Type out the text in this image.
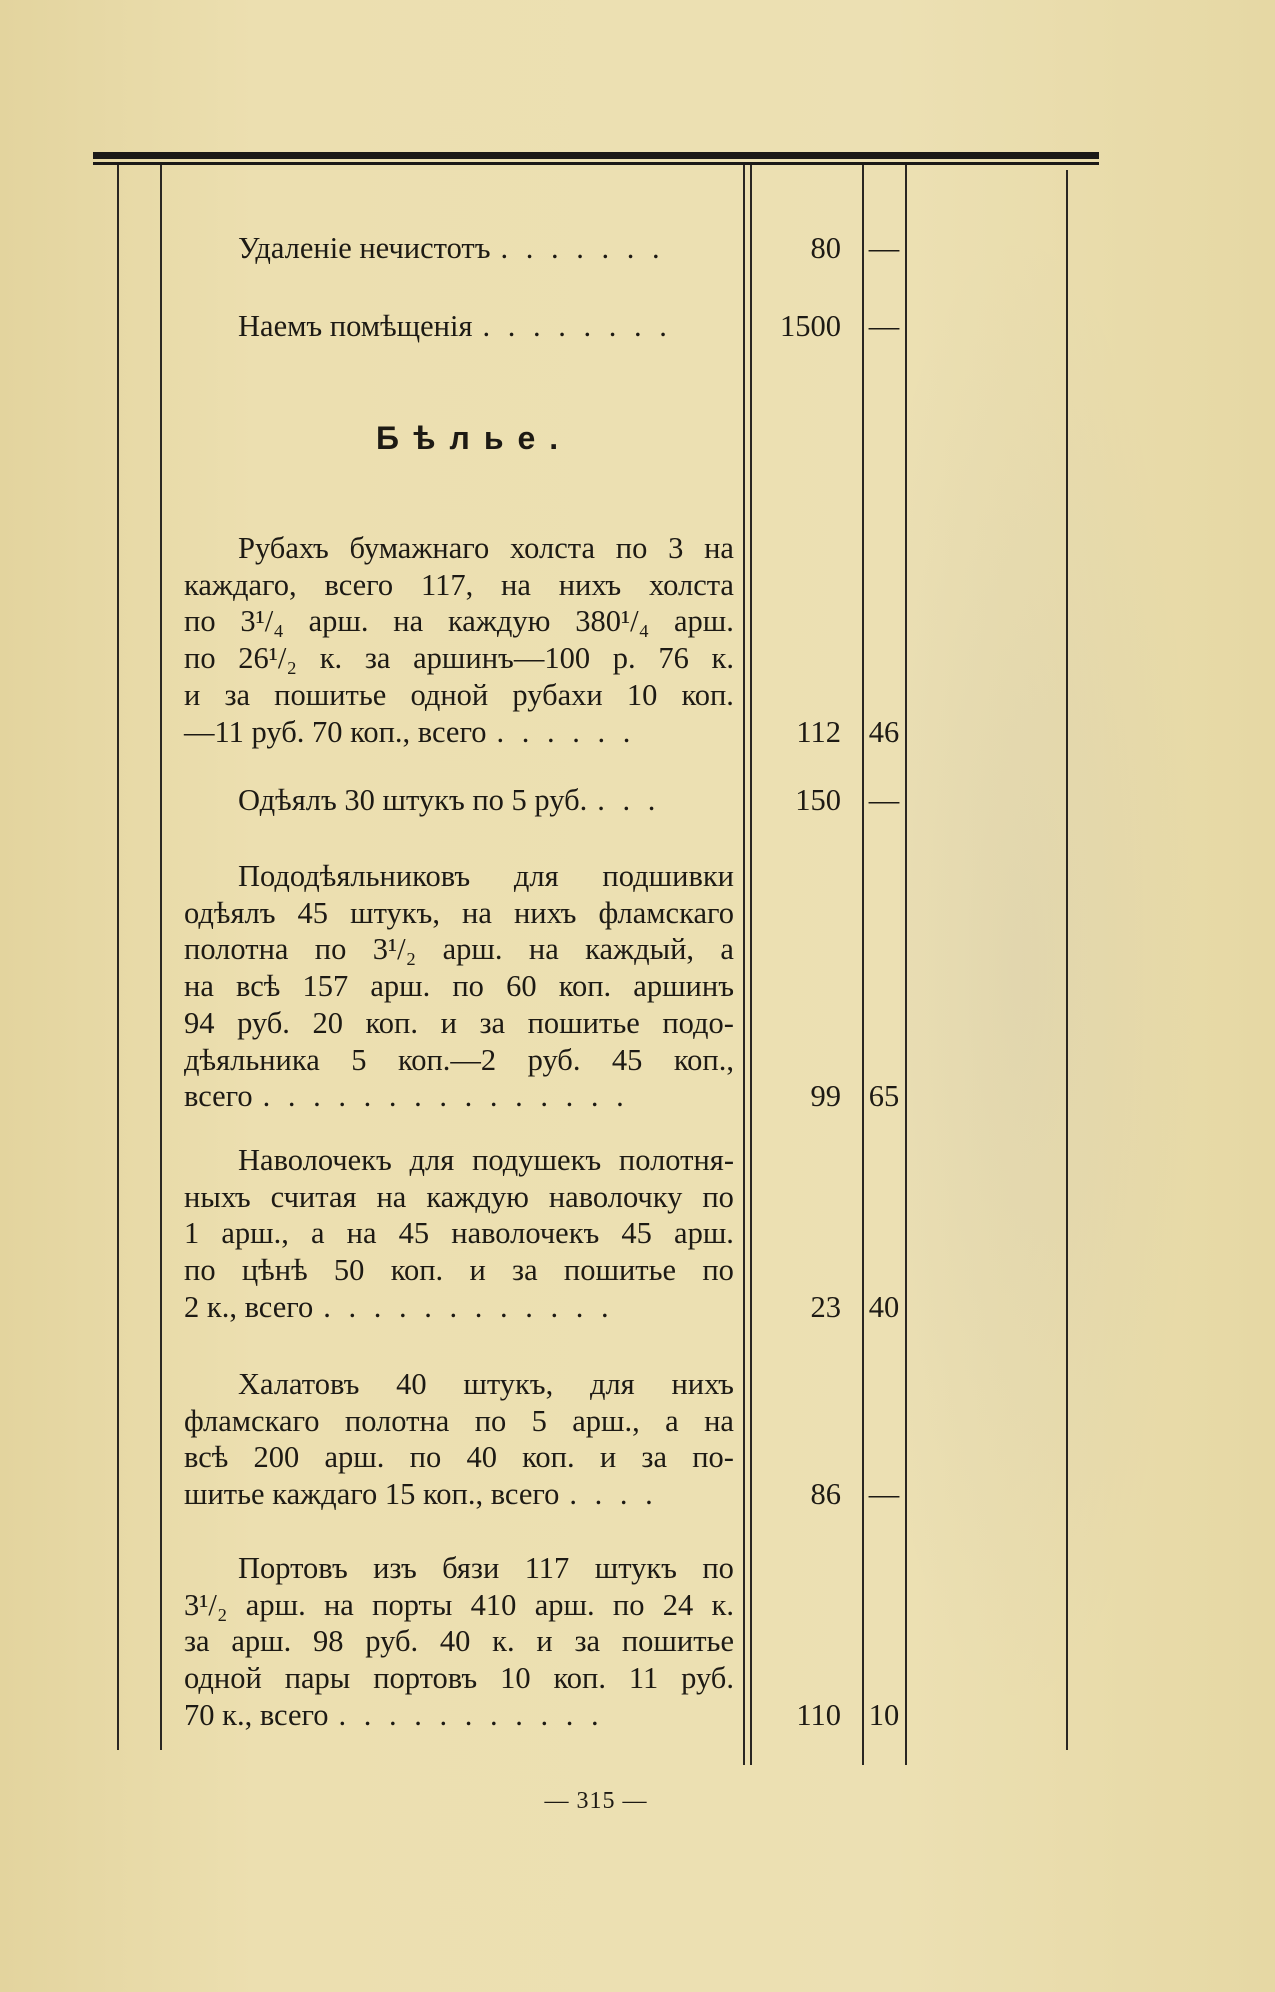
Бѣлье.
Удаленіе нечистотъ . . . . . . .
Наемъ помѣщенія . . . . . . . .
Рубахъ бумажнаго холста по 3 на
каждаго, всего 117, на нихъ холста
по 3¹/₄ арш. на каждую 380¹/₄ арш.
по 26¹/₂ к. за аршинъ—100 р. 76 к.
и за пошитье одной рубахи 10 коп.
—11 руб. 70 коп., всего . . . . . .
Одѣялъ 30 штукъ по 5 руб. . . .
Пододѣяльниковъ для подшивки
одѣялъ 45 штукъ, на нихъ фламскаго
полотна по 3¹/₂ арш. на каждый, а
на всѣ 157 арш. по 60 коп. аршинъ
94 руб. 20 коп. и за пошитье подо-
дѣяльника 5 коп.—2 руб. 45 коп.,
всего . . . . . . . . . . . . . . .
Наволочекъ для подушекъ полотня-
ныхъ считая на каждую наволочку по
1 арш., а на 45 наволочекъ 45 арш.
по цѣнѣ 50 коп. и за пошитье по
2 к., всего . . . . . . . . . . . .
Халатовъ 40 штукъ, для нихъ
фламскаго полотна по 5 арш., а на
всѣ 200 арш. по 40 коп. и за по-
шитье каждаго 15 коп., всего . . . .
Портовъ изъ бязи 117 штукъ по
3¹/₂ арш. на порты 410 арш. по 24 к.
за арш. 98 руб. 40 к. и за пошитье
одной пары портовъ 10 коп. 11 руб.
70 к., всего . . . . . . . . . . .
80 —
1500 —
112 46
150 —
99 65
23 40
86 —
110 10
— 315 —
